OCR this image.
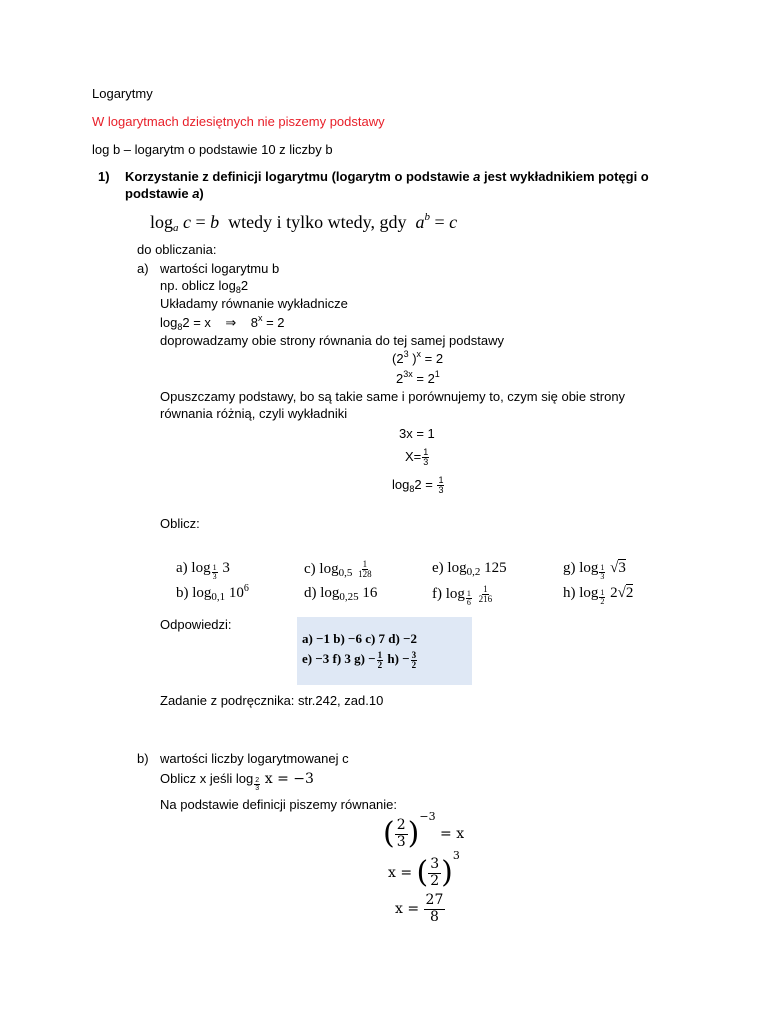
Logarytmy
W logarytmach dziesiętnych nie piszemy podstawy
log b – logarytm o podstawie 10 z liczby b
1) Korzystanie z definicji logarytmu (logarytm o podstawie a jest wykładnikiem potęgi o
podstawie a)
loga c = b wtedy i tylko wtedy, gdy $a^b = c$
do obliczania:
a) wartości logarytmu b
np. oblicz $\log_82$
Układamy równanie wykładnicze
$\log_82 = x$ ⇒ $8^x = 2$
doprowadzamy obie strony równania do tej samej podstawy
($2^3$ )$^x$ = 2
$2^{3x} = 2^1$
Opuszczamy podstawy, bo są takie same i porównujemy to, czym się obie strony
równania różnią, czyli wykładniki
3x = 1
$X= \frac{1}{3}$
$\log_82 = \frac{1}{3}$
Oblicz:
a) $\log \frac{1}{3} 3$
b) $\log_{0,1} 10^6$
c) $\log_{0,5} \frac{1}{128}$
d) $\log_{0,25} 16$
e) $\log_{0,2} 125$
f) $\log \frac{1}{6}$
$\frac{1}{216}$
g) $\log \frac{1}{3} √3$
h) $\log \frac{1}{2} 2√2$
Odpowiedzi:
a) −1 b) −6 c) 7 d) −2
e) −3 f) 3 $g) - \frac{1}{2} h) - \frac{3}{2}$
Zadanie z podręcznika: str.242, zad.10
b) wartości liczby logarytmowanej c
Oblicz x jeśli $\log \frac{2}{3}$ x = −3
Na podstawie definicji piszemy równanie:
( $\frac{2}{3} )^{-3} = x$
x = ( $\frac{3}{2} )^3$
$x = \frac{27}{8}$
